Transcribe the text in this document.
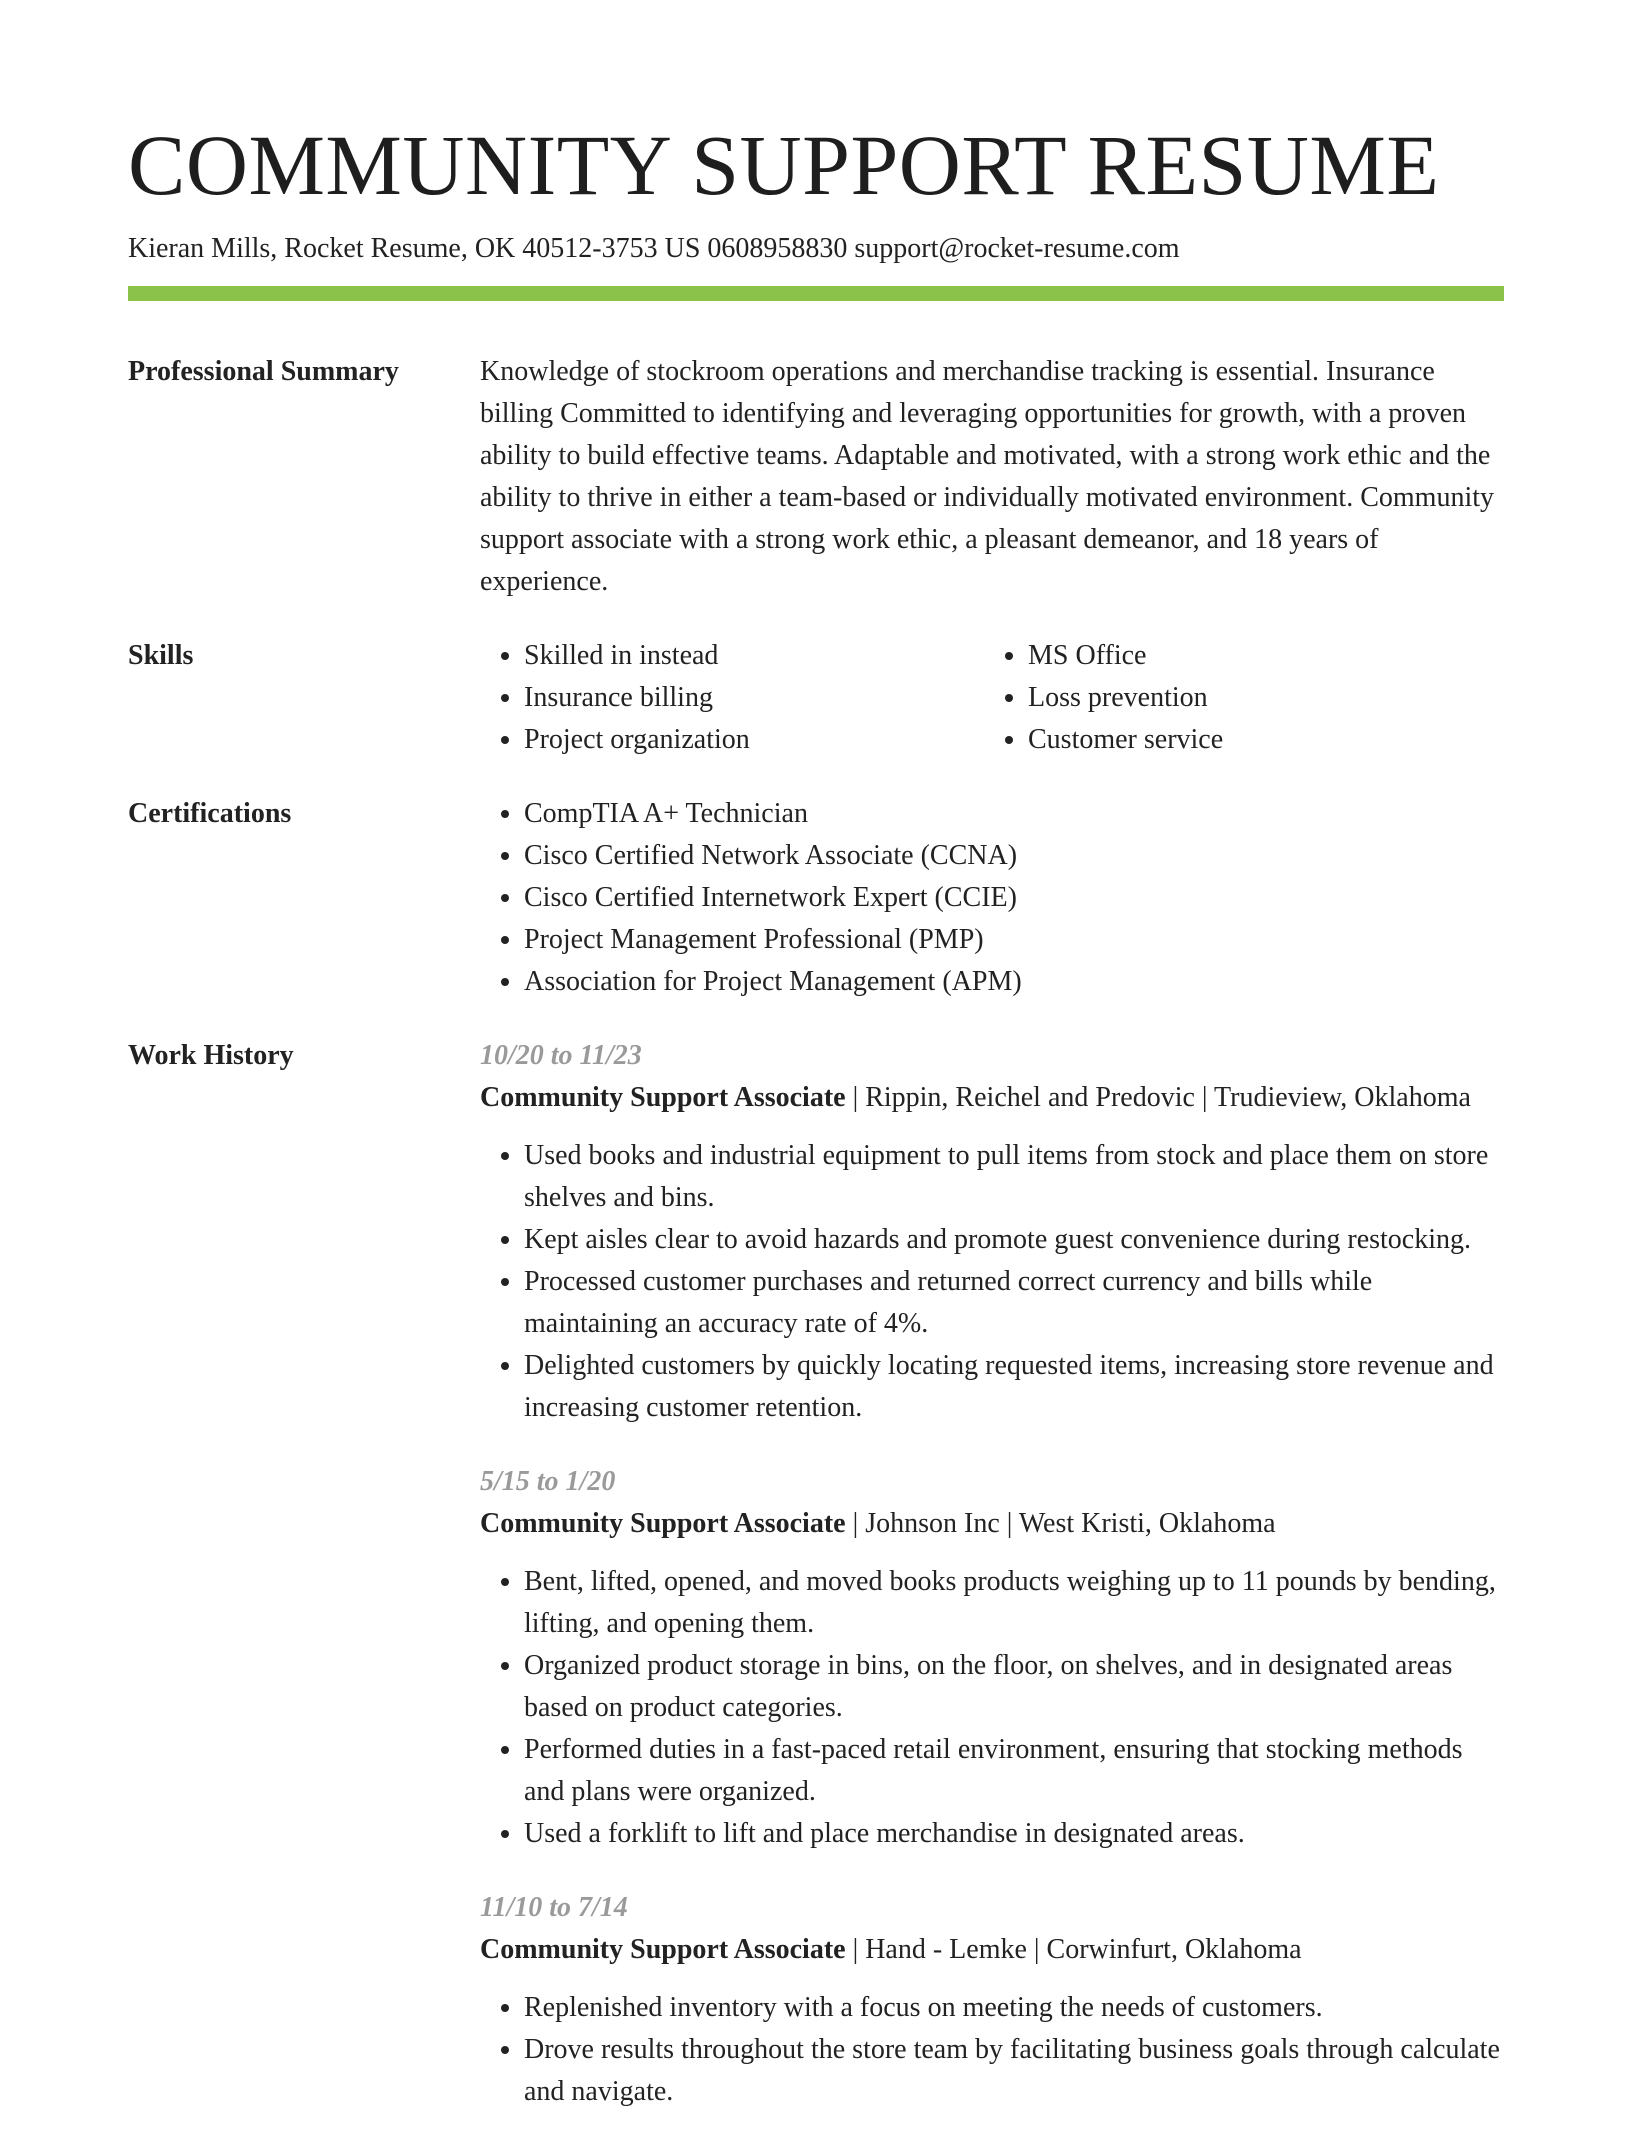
COMMUNITY SUPPORT RESUME
Kieran Mills, Rocket Resume, OK 40512-3753 US 0608958830 support@rocket-resume.com
Professional Summary	Knowledge of stockroom operations and merchandise tracking is essential. Insurance billing Committed to identifying and leveraging opportunities for growth, with a proven ability to build effective teams. Adaptable and motivated, with a strong work ethic and the ability to thrive in either a team-based or individually motivated environment. Community support associate with a strong work ethic, a pleasant demeanor, and 18 years of experience.

Skills	• Skilled in instead
• Insurance billing
• Project organization
• MS Office
• Loss prevention
• Customer service
Certifications	• CompTIA A+ Technician
• Cisco Certified Network Associate (CCNA)
• Cisco Certified Internetwork Expert (CCIE)
• Project Management Professional (PMP)
• Association for Project Management (APM)
Work History	10/20 to 11/23
Community Support Associate | Rippin, Reichel and Predovic | Trudieview, Oklahoma
• Used books and industrial equipment to pull items from stock and place them on store shelves and bins.
• Kept aisles clear to avoid hazards and promote guest convenience during restocking.
• Processed customer purchases and returned correct currency and bills while maintaining an accuracy rate of 4%.
• Delighted customers by quickly locating requested items, increasing store revenue and increasing customer retention.
5/15 to 1/20
Community Support Associate | Johnson Inc | West Kristi, Oklahoma
• Bent, lifted, opened, and moved books products weighing up to 11 pounds by bending, lifting, and opening them.
• Organized product storage in bins, on the floor, on shelves, and in designated areas based on product categories.
• Performed duties in a fast-paced retail environment, ensuring that stocking methods and plans were organized.
• Used a forklift to lift and place merchandise in designated areas.
11/10 to 7/14
Community Support Associate | Hand - Lemke | Corwinfurt, Oklahoma
• Replenished inventory with a focus on meeting the needs of customers.
• Drove results throughout the store team by facilitating business goals through calculate and navigate.
